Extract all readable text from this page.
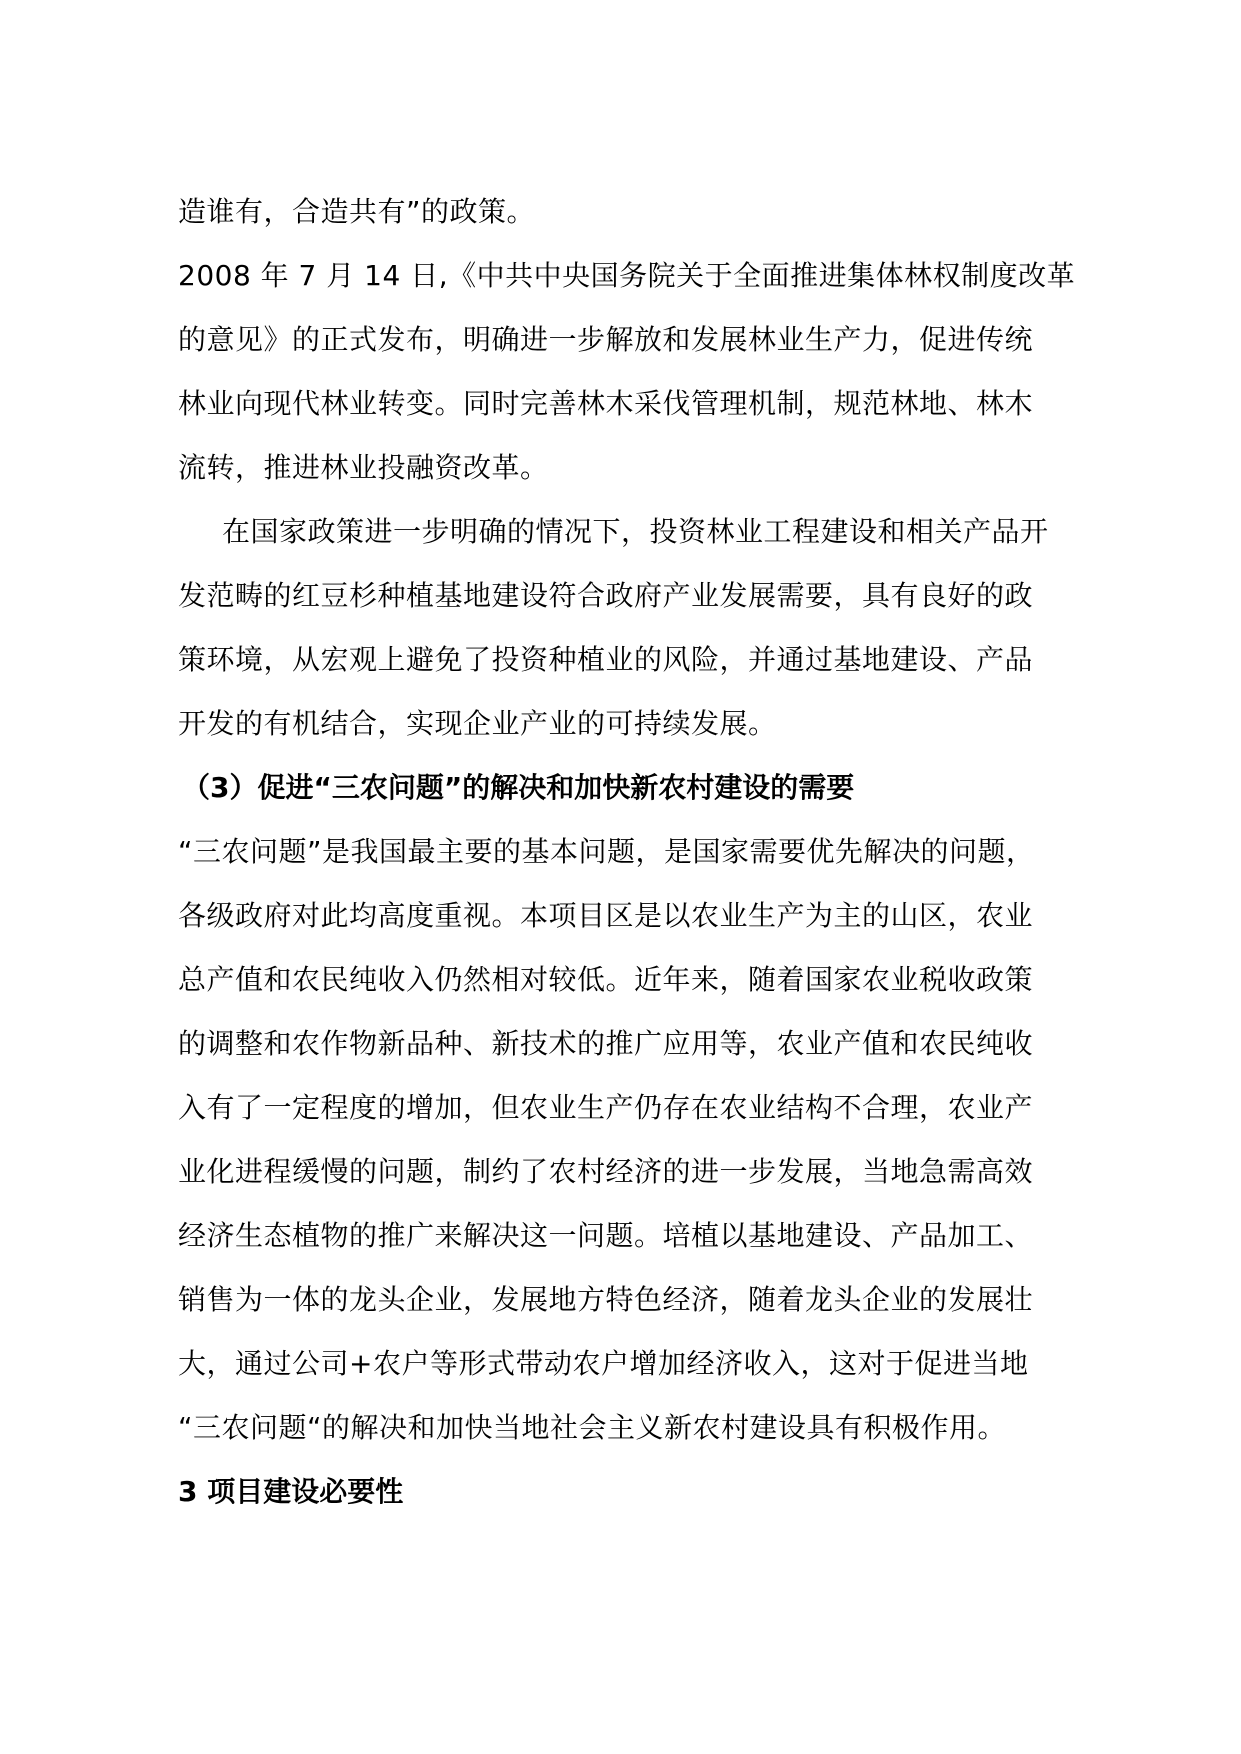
造谁有，合造共有”的政策。
2008 年 7 月 14 日,《中共中央国务院关于全面推进集体林权制度改革
的意见》的正式发布，明确进一步解放和发展林业生产力，促进传统
林业向现代林业转变。同时完善林木采伐管理机制，规范林地、林木
流转，推进林业投融资改革。
在国家政策进一步明确的情况下，投资林业工程建设和相关产品开
发范畴的红豆杉种植基地建设符合政府产业发展需要，具有良好的政
策环境，从宏观上避免了投资种植业的风险，并通过基地建设、产品
开发的有机结合，实现企业产业的可持续发展。
（3）促进“三农问题”的解决和加快新农村建设的需要
“三农问题”是我国最主要的基本问题，是国家需要优先解决的问题，
各级政府对此均高度重视。本项目区是以农业生产为主的山区，农业
总产值和农民纯收入仍然相对较低。近年来，随着国家农业税收政策
的调整和农作物新品种、新技术的推广应用等，农业产值和农民纯收
入有了一定程度的增加，但农业生产仍存在农业结构不合理，农业产
业化进程缓慢的问题，制约了农村经济的进一步发展，当地急需高效
经济生态植物的推广来解决这一问题。培植以基地建设、产品加工、
销售为一体的龙头企业，发展地方特色经济，随着龙头企业的发展壮
大，通过公司+农户等形式带动农户增加经济收入，这对于促进当地
“三农问题“的解决和加快当地社会主义新农村建设具有积极作用。
3 项目建设必要性
